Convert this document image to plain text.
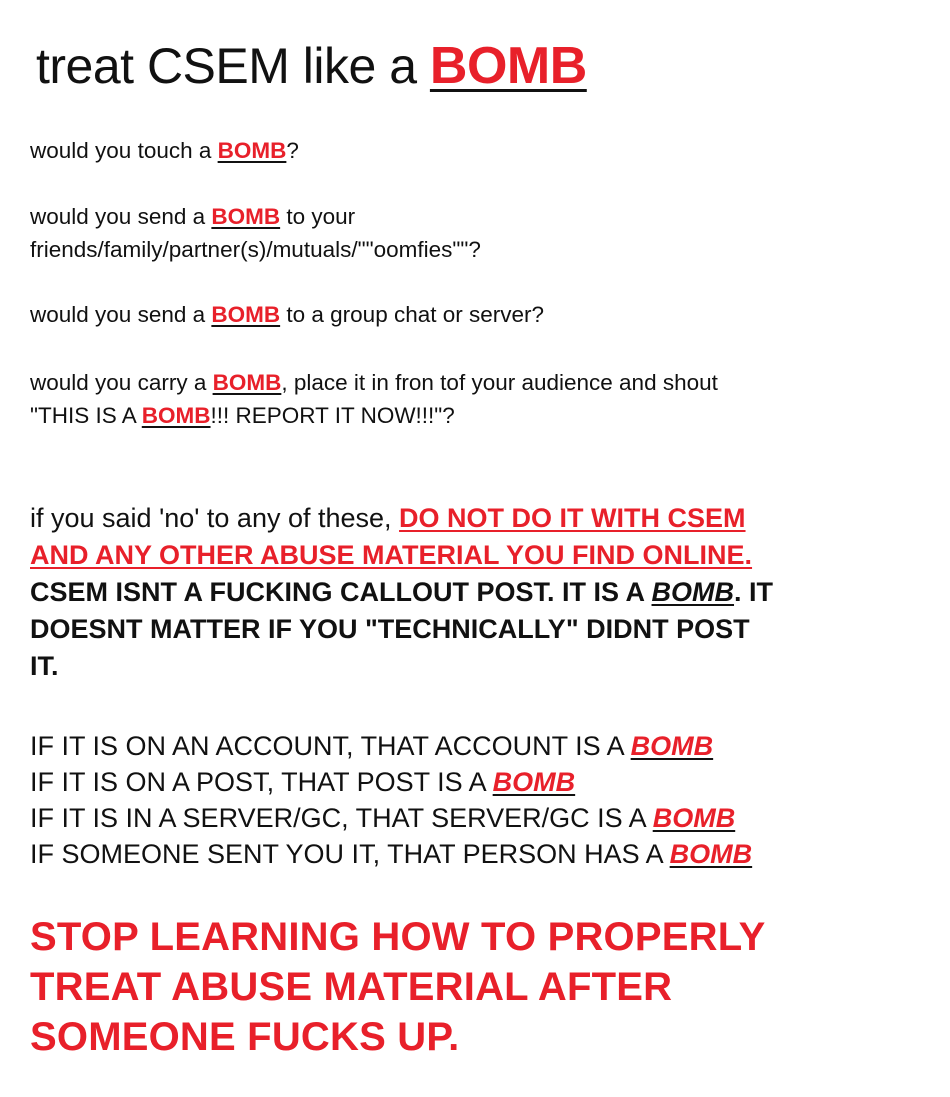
treat CSEM like a BOMB

would you touch a BOMB?

would you send a BOMB to your
friends/family/partner(s)/mutuals/""oomfies""?

would you send a BOMB to a group chat or server?

would you carry a BOMB, place it in fron tof your audience and shout
"THIS IS A BOMB!!! REPORT IT NOW!!!"?

if you said 'no' to any of these, DO NOT DO IT WITH CSEM
AND ANY OTHER ABUSE MATERIAL YOU FIND ONLINE.
CSEM ISNT A FUCKING CALLOUT POST. IT IS A BOMB. IT
DOESNT MATTER IF YOU "TECHNICALLY" DIDNT POST
IT.

IF IT IS ON AN ACCOUNT, THAT ACCOUNT IS A BOMB
IF IT IS ON A POST, THAT POST IS A BOMB
IF IT IS IN A SERVER/GC, THAT SERVER/GC IS A BOMB
IF SOMEONE SENT YOU IT, THAT PERSON HAS A BOMB

STOP LEARNING HOW TO PROPERLY
TREAT ABUSE MATERIAL AFTER
SOMEONE FUCKS UP.
